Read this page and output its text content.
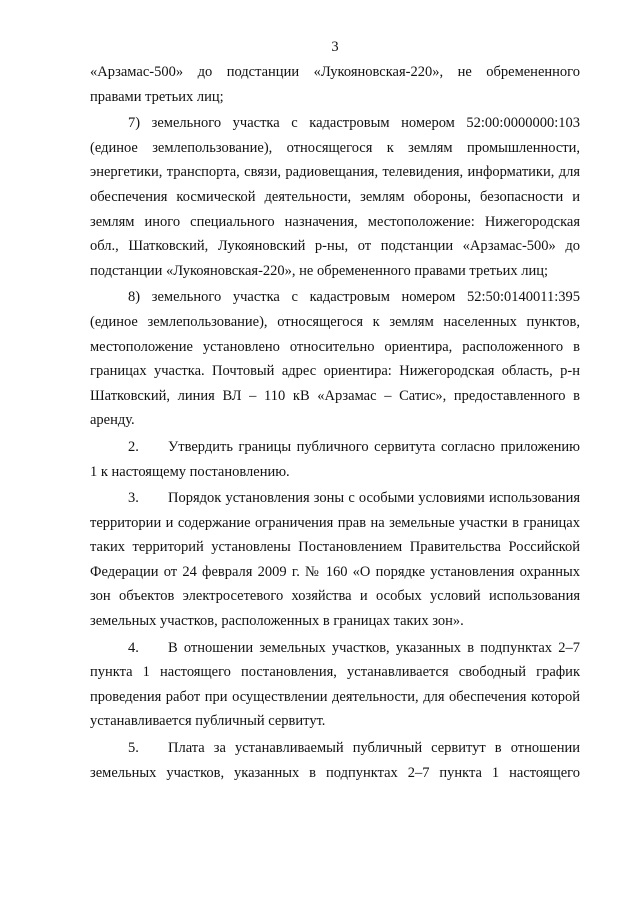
3

«Арзамас-500» до подстанции «Лукояновская-220», не обремененного правами третьих лиц;

7) земельного участка с кадастровым номером 52:00:0000000:103 (единое землепользование), относящегося к землям промышленности, энергетики, транспорта, связи, радиовещания, телевидения, информатики, для обеспечения космической деятельности, землям обороны, безопасности и землям иного специального назначения, местоположение: Нижегородская обл., Шатковский, Лукояновский р-ны, от подстанции «Арзамас-500» до подстанции «Лукояновская-220», не обремененного правами третьих лиц;

8) земельного участка с кадастровым номером 52:50:0140011:395 (единое землепользование), относящегося к землям населенных пунктов, местоположение установлено относительно ориентира, расположенного в границах участка. Почтовый адрес ориентира: Нижегородская область, р-н Шатковский, линия ВЛ – 110 кВ «Арзамас – Сатис», предоставленного в аренду.

2. Утвердить границы публичного сервитута согласно приложению 1 к настоящему постановлению.

3. Порядок установления зоны с особыми условиями использования территории и содержание ограничения прав на земельные участки в границах таких территорий установлены Постановлением Правительства Российской Федерации от 24 февраля 2009 г. № 160 «О порядке установления охранных зон объектов электросетевого хозяйства и особых условий использования земельных участков, расположенных в границах таких зон».

4. В отношении земельных участков, указанных в подпунктах 2–7 пункта 1 настоящего постановления, устанавливается свободный график проведения работ при осуществлении деятельности, для обеспечения которой устанавливается публичный сервитут.

5. Плата за устанавливаемый публичный сервитут в отношении земельных участков, указанных в подпунктах 2–7 пункта 1 настоящего
